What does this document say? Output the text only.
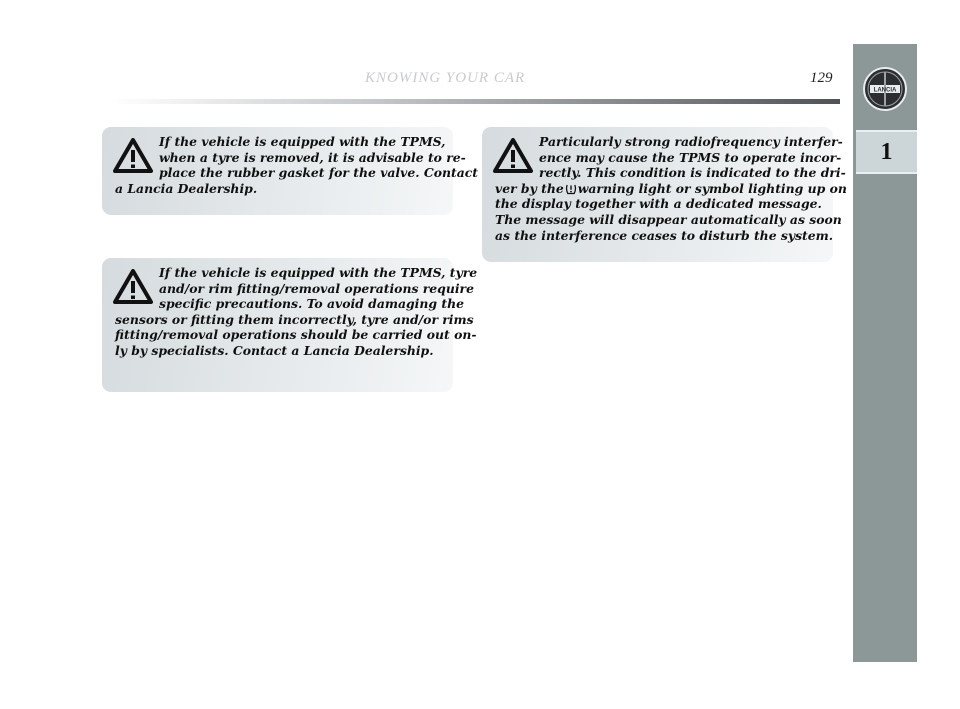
KNOWING YOUR CAR	129
LANCIA
1

If the vehicle is equipped with the TPMS,
when a tyre is removed, it is advisable to re-
place the rubber gasket for the valve. Contact
a Lancia Dealership.

If the vehicle is equipped with the TPMS, tyre
and/or rim fitting/removal operations require
specific precautions. To avoid damaging the
sensors or fitting them incorrectly, tyre and/or rims
fitting/removal operations should be carried out on-
ly by specialists. Contact a Lancia Dealership.

Particularly strong radiofrequency interfer-
ence may cause the TPMS to operate incor-
rectly. This condition is indicated to the dri-
ver by the warning light or symbol lighting up on
the display together with a dedicated message.
The message will disappear automatically as soon
as the interference ceases to disturb the system.
